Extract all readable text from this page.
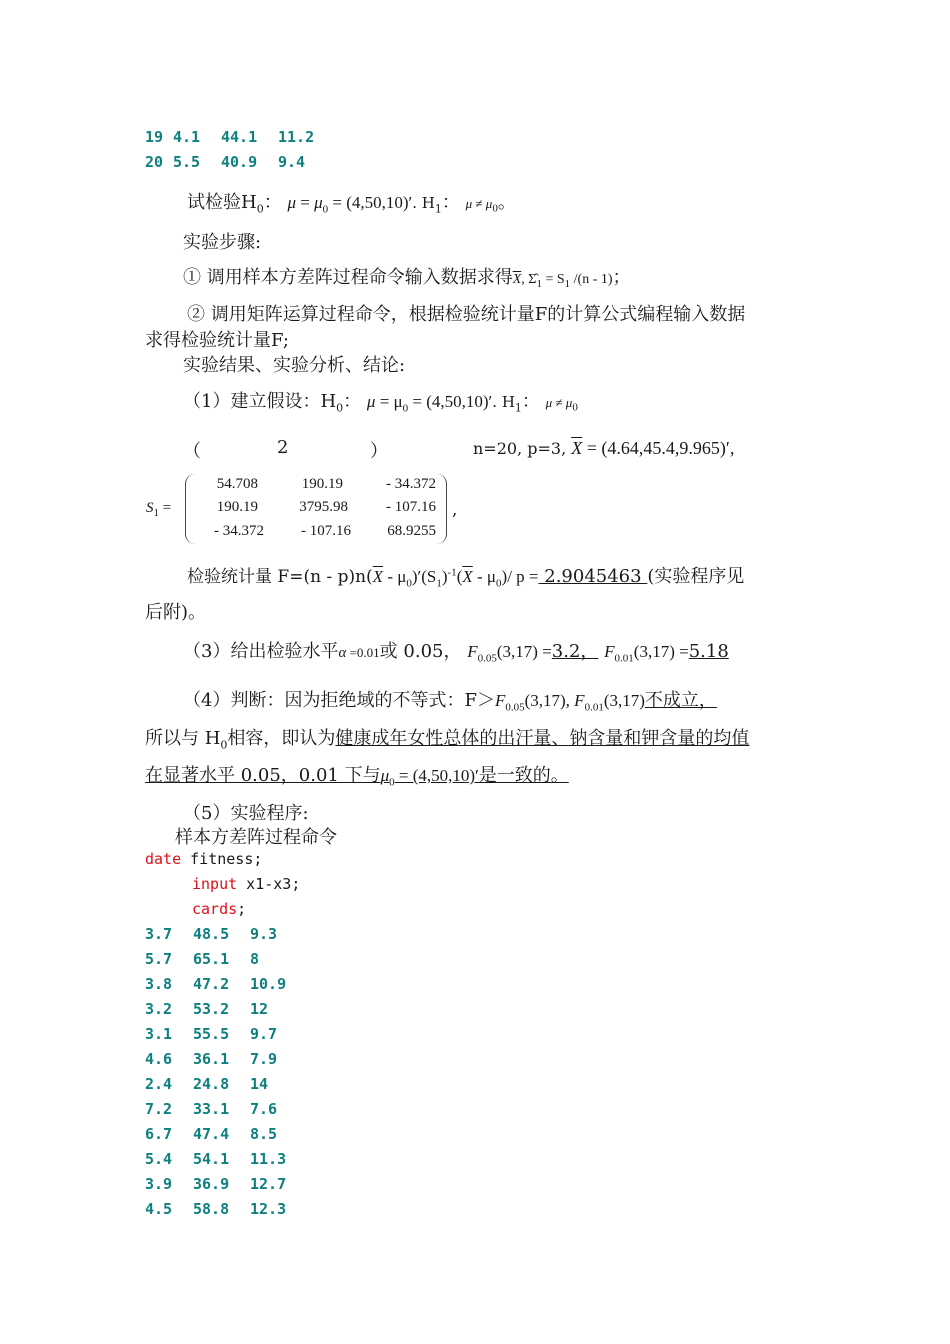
19 4.1 44.1 11.2
20 5.5 40.9 9.4
试检验$H_0$： $\mu = \mu_0 = (4,50,10)'$. $H_1$： $\mu \ne \mu_0$。
实验步骤:
① 调用样本方差阵过程命令输入数据求得$\overline{X}$, $\Sigmâ_1 = S_1$ /(n - 1)；
② 调用矩阵运算过程命令，根据检验统计量F的计算公式编程输入数据
求得检验统计量F;
实验结果、实验分析、结论:
（1）建立假设：$H_0$： $\mu = \mu_0 = (4,50,10)'$. $H_1$： $\mu \ne \mu_0$
（	2	）	n=20, p=3, $\overline{X} = (4.64,45.4,9.965)'$,
$S_1$ =
54.708	190.19	- 34.372
190.19	3795.98	- 107.16
- 34.372	- 107.16	68.9255
,
检验统计量 $F=(n - p)n(\overline{X} - \mu_0)'(S_1)^{-1}(\overline{X} - \mu_0)/$ p = 2.9045463 (实验程序见
后附)。
（3）给出检验水平α =0.01或 0.05， $F_{0.05}(3,17) =3.2$， $F_{0.01}(3,17) =5.18$
（4）判断：因为拒绝域的不等式：$F>F_{0.05}(3,17)$, $F_{0.01}(3,17)$不成立，
所以与 $H_0$相容，即认为健康成年女性总体的出汗量、钠含量和钾含量的均值
在显著水平 0.05，0.01 下与$\mu_0 = (4,50,10)'$是一致的。
（5）实验程序:
样本方差阵过程命令
date fitness;
input x1-x3;
cards;
3.7 48.5 9.3
5.7 65.1 8
3.8 47.2 10.9
3.2 53.2 12
3.1 55.5 9.7
4.6 36.1 7.9
2.4 24.8 14
7.2 33.1 7.6
6.7 47.4 8.5
5.4 54.1 11.3
3.9 36.9 12.7
4.5 58.8 12.3
